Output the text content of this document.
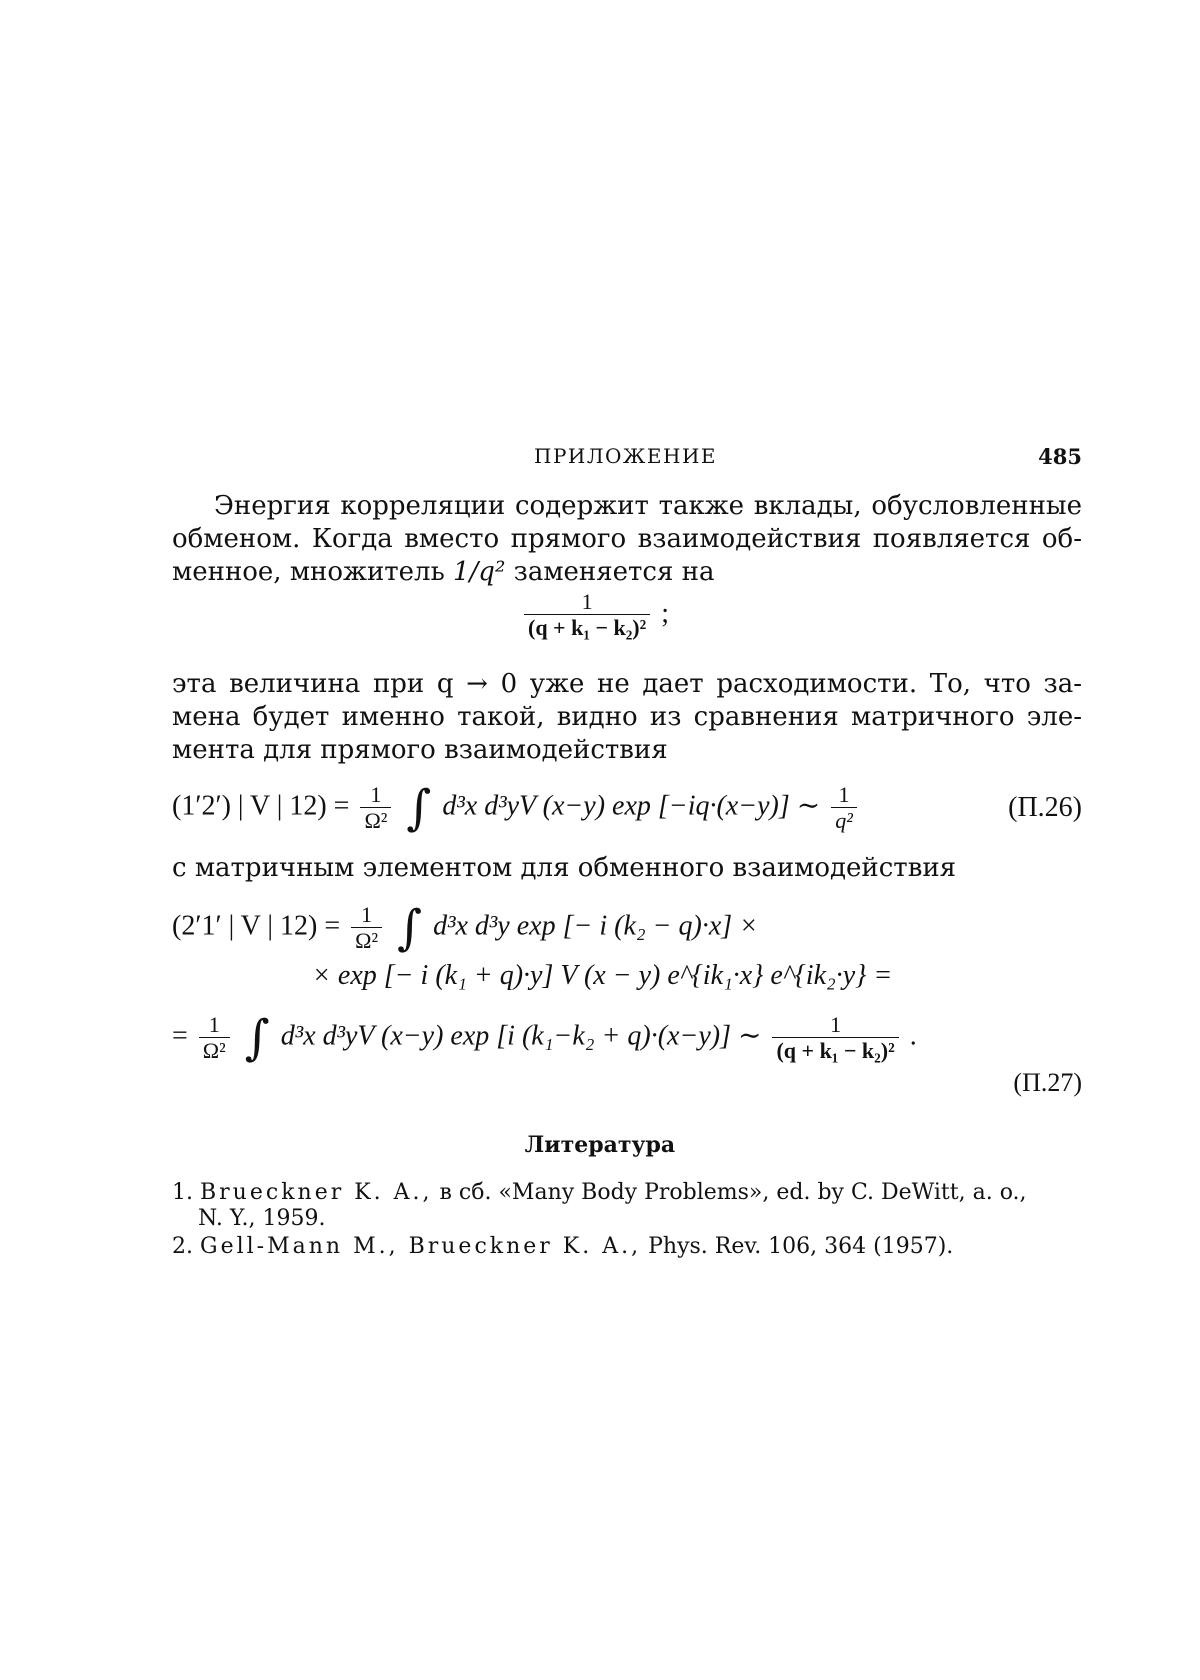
ПРИЛОЖЕНИЕ	485
Энергия корреляции содержит также вклады, обусловленные
обменом. Когда вместо прямого взаимодействия появляется об-
менное, множитель 1/q² заменяется на
$\frac{1}{\text{(q + k₁ − k₂)²}}$ ;
эта величина при q → 0 уже не дает расходимости. То, что за-
мена будет именно такой, видно из сравнения матричного эле-
мента для прямого взаимодействия
(1′2′) | V | $12) = \frac{1}{\text{Ω²}}$ ∫ d³x d³yV (x−y) exp [−iq·(x−y)] ∼ $\frac{1}{\text{q²}}$	(П.26)
с матричным элементом для обменного взаимодействия
(2′1′ | V | $12) = \frac{1}{\text{Ω²}}$ ∫ d³x d³y exp [− i (k₂ − q)·x] ×
× exp [− i (k₁ + q)·y] V (x − y) e^{ik₁·x} e^{ik₂·y} =
= $\frac{1}{\text{Ω²}}$ ∫ d³x d³yV (x−y) exp [i (k₁−k₂ + q)·(x−y)] ∼ $\frac{1}{\text{(q + k₁ − k₂)²}}$ .
(П.27)
Литература
1. Brueckner K. A., в сб. «Many Body Problems», ed. by C. DeWitt, a. o.,
N. Y., 1959.
2. Gell-Mann M., Brueckner K. A., Phys. Rev. 106, 364 (1957).
